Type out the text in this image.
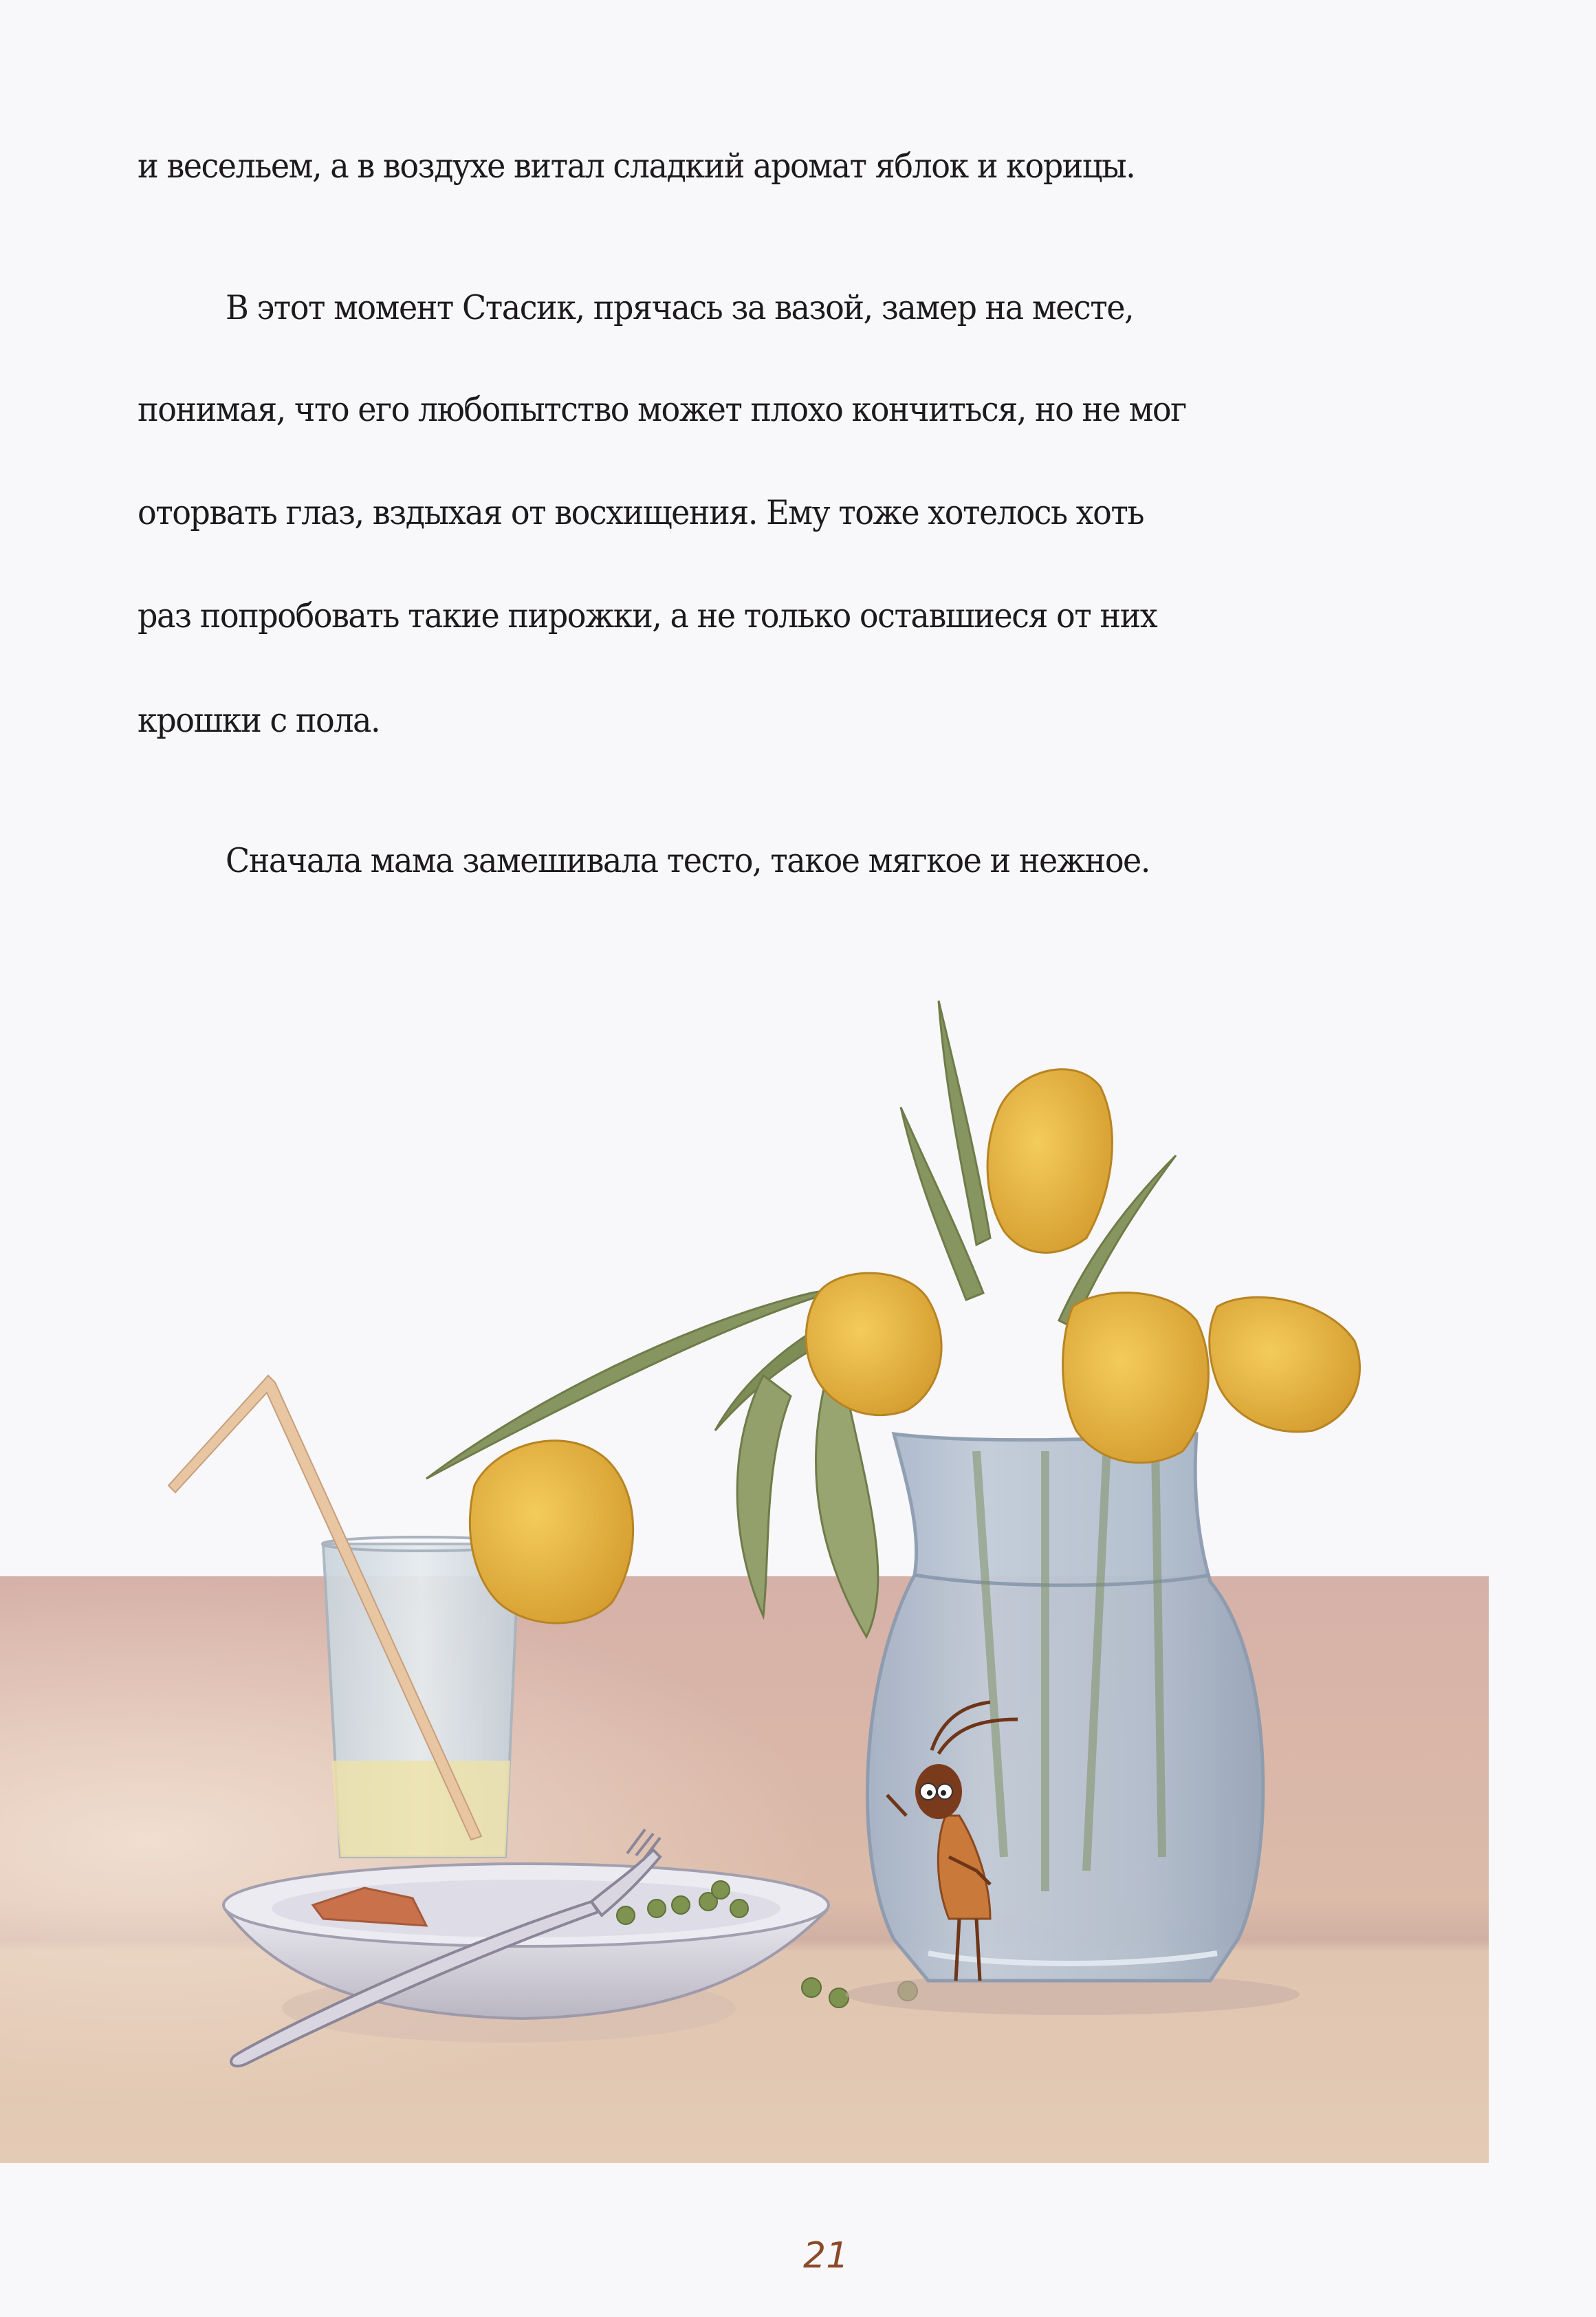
и весельем, а в воздухе витал сладкий аромат яблок и корицы.
В этот момент Стасик, прячась за вазой, замер на месте,
понимая, что его любопытство может плохо кончиться, но не мог
оторвать глаз, вздыхая от восхищения. Ему тоже хотелось хоть
раз попробовать такие пирожки, а не только оставшиеся от них
крошки с пола.
Сначала мама замешивала тесто, такое мягкое и нежное.
21
